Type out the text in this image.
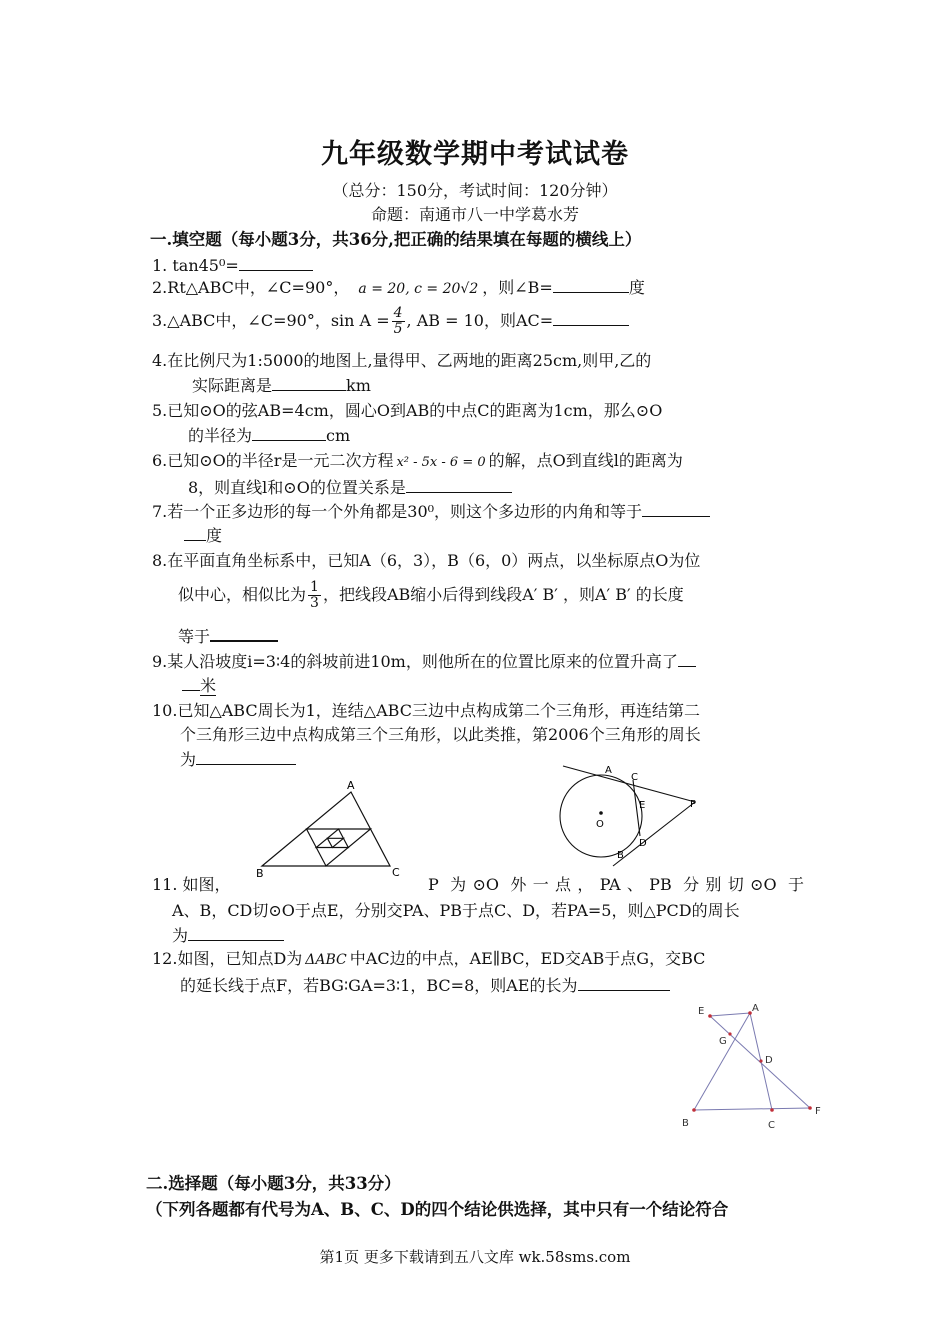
九年级数学期中考试试卷
（总分：150分，考试时间：120分钟）
命题：南通市八一中学葛水芳
一.填空题（每小题3分，共36分,把正确的结果填在每题的横线上）
1. tan45⁰=
2.Rt△ABC中，∠C=90°， a = 20, c = 20√2 ，则∠B=	度
3.△ABC中，∠C=90°，$\sin A = \frac{4}{5}$ , AB = 10，则AC=
4.在比例尺为1:5000的地图上,量得甲、乙两地的距离25cm,则甲,乙的
实际距离是	km
5.已知⊙O的弦AB=4cm，圆心O到AB的中点C的距离为1cm，那么⊙O
的半径为	cm
6.已知⊙O的半径r是一元二次方程 x² - 5x - 6 = 0 的解，点O到直线l的距离为
8，则直线l和⊙O的位置关系是
7.若一个正多边形的每一个外角都是30⁰，则这个多边形的内角和等于
度
8.在平面直角坐标系中，已知A（6，3），B（6，0）两点，以坐标原点O为位
似中心，相似比为 $\frac{1}{3}$ ，把线段AB缩小后得到线段A′ B′ ，则A′ B′ 的长度
等于
9.某人沿坡度i=3∶4的斜坡前进10m，则他所在的位置比原来的位置升高了
米
10.已知△ABC周长为1，连结△ABC三边中点构成第二个三角形，再连结第二
个三角形三边中点构成第三个三角形，以此类推，第2006个三角形的周长
为
A
B	C
A
C
E	P
O
D
B
11. 如图，	P 为⊙O 外一点，PA、PB 分别切⊙O 于
A、B，CD切⊙O于点E，分别交PA、PB于点C、D，若PA=5，则△PCD的周长
为
12.如图，已知点D为 ΔABC 中AC边的中点，AE∥BC，ED交AB于点G，交BC
的延长线于点F，若BG∶GA=3∶1，BC=8，则AE的长为
E	A
G
D
B	C
F
二.选择题（每小题3分，共33分）
（下列各题都有代号为A、B、C、D的四个结论供选择，其中只有一个结论符合
第1页 更多下载请到五八文库 wk.58sms.com
